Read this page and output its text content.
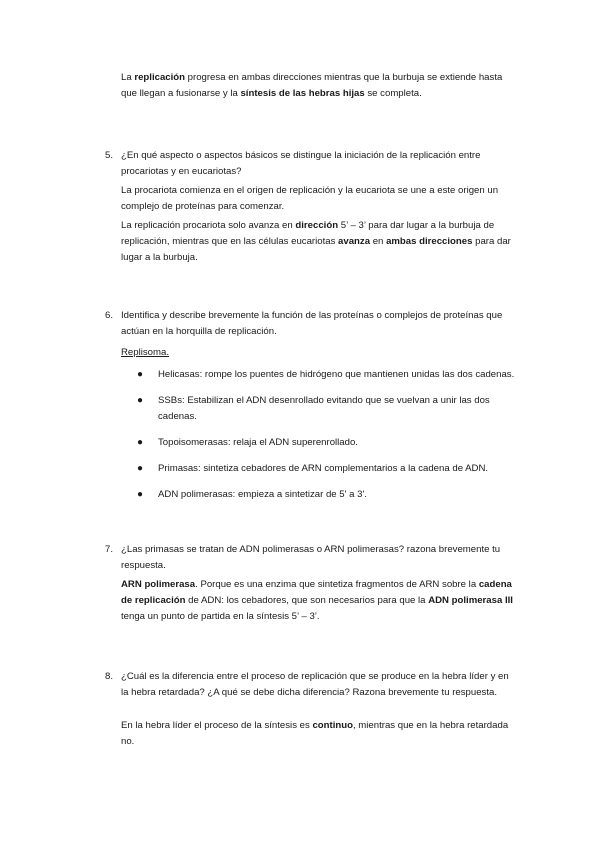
La replicación progresa en ambas direcciones mientras que la burbuja se extiende hasta que llegan a fusionarse y la síntesis de las hebras hijas se completa.

5. ¿En qué aspecto o aspectos básicos se distingue la iniciación de la replicación entre procariotas y en eucariotas?

La procariota comienza en el origen de replicación y la eucariota se une a este origen un complejo de proteínas para comenzar.

La replicación procariota solo avanza en dirección 5’ – 3’ para dar lugar a la burbuja de replicación, mientras que en las células eucariotas avanza en ambas direcciones para dar lugar a la burbuja.

6. Identifica y describe brevemente la función de las proteínas o complejos de proteínas que actúan en la horquilla de replicación.

Replisoma.

● Helicasas: rompe los puentes de hidrógeno que mantienen unidas las dos cadenas.
● SSBs: Estabilizan el ADN desenrollado evitando que se vuelvan a unir las dos cadenas.
● Topoisomerasas: relaja el ADN superenrollado.
● Primasas: sintetiza cebadores de ARN complementarios a la cadena de ADN.
● ADN polimerasas: empieza a sintetizar de 5' a 3'.
7. ¿Las primasas se tratan de ADN polimerasas o ARN polimerasas? razona brevemente tu respuesta.

ARN polimerasa. Porque es una enzima que sintetiza fragmentos de ARN sobre la cadena de replicación de ADN: los cebadores, que son necesarios para que la ADN polimerasa III tenga un punto de partida en la síntesis 5’ – 3’.

8. ¿Cuál es la diferencia entre el proceso de replicación que se produce en la hebra líder y en la hebra retardada? ¿A qué se debe dicha diferencia? Razona brevemente tu respuesta.

En la hebra líder el proceso de la síntesis es continuo, mientras que en la hebra retardada no.
